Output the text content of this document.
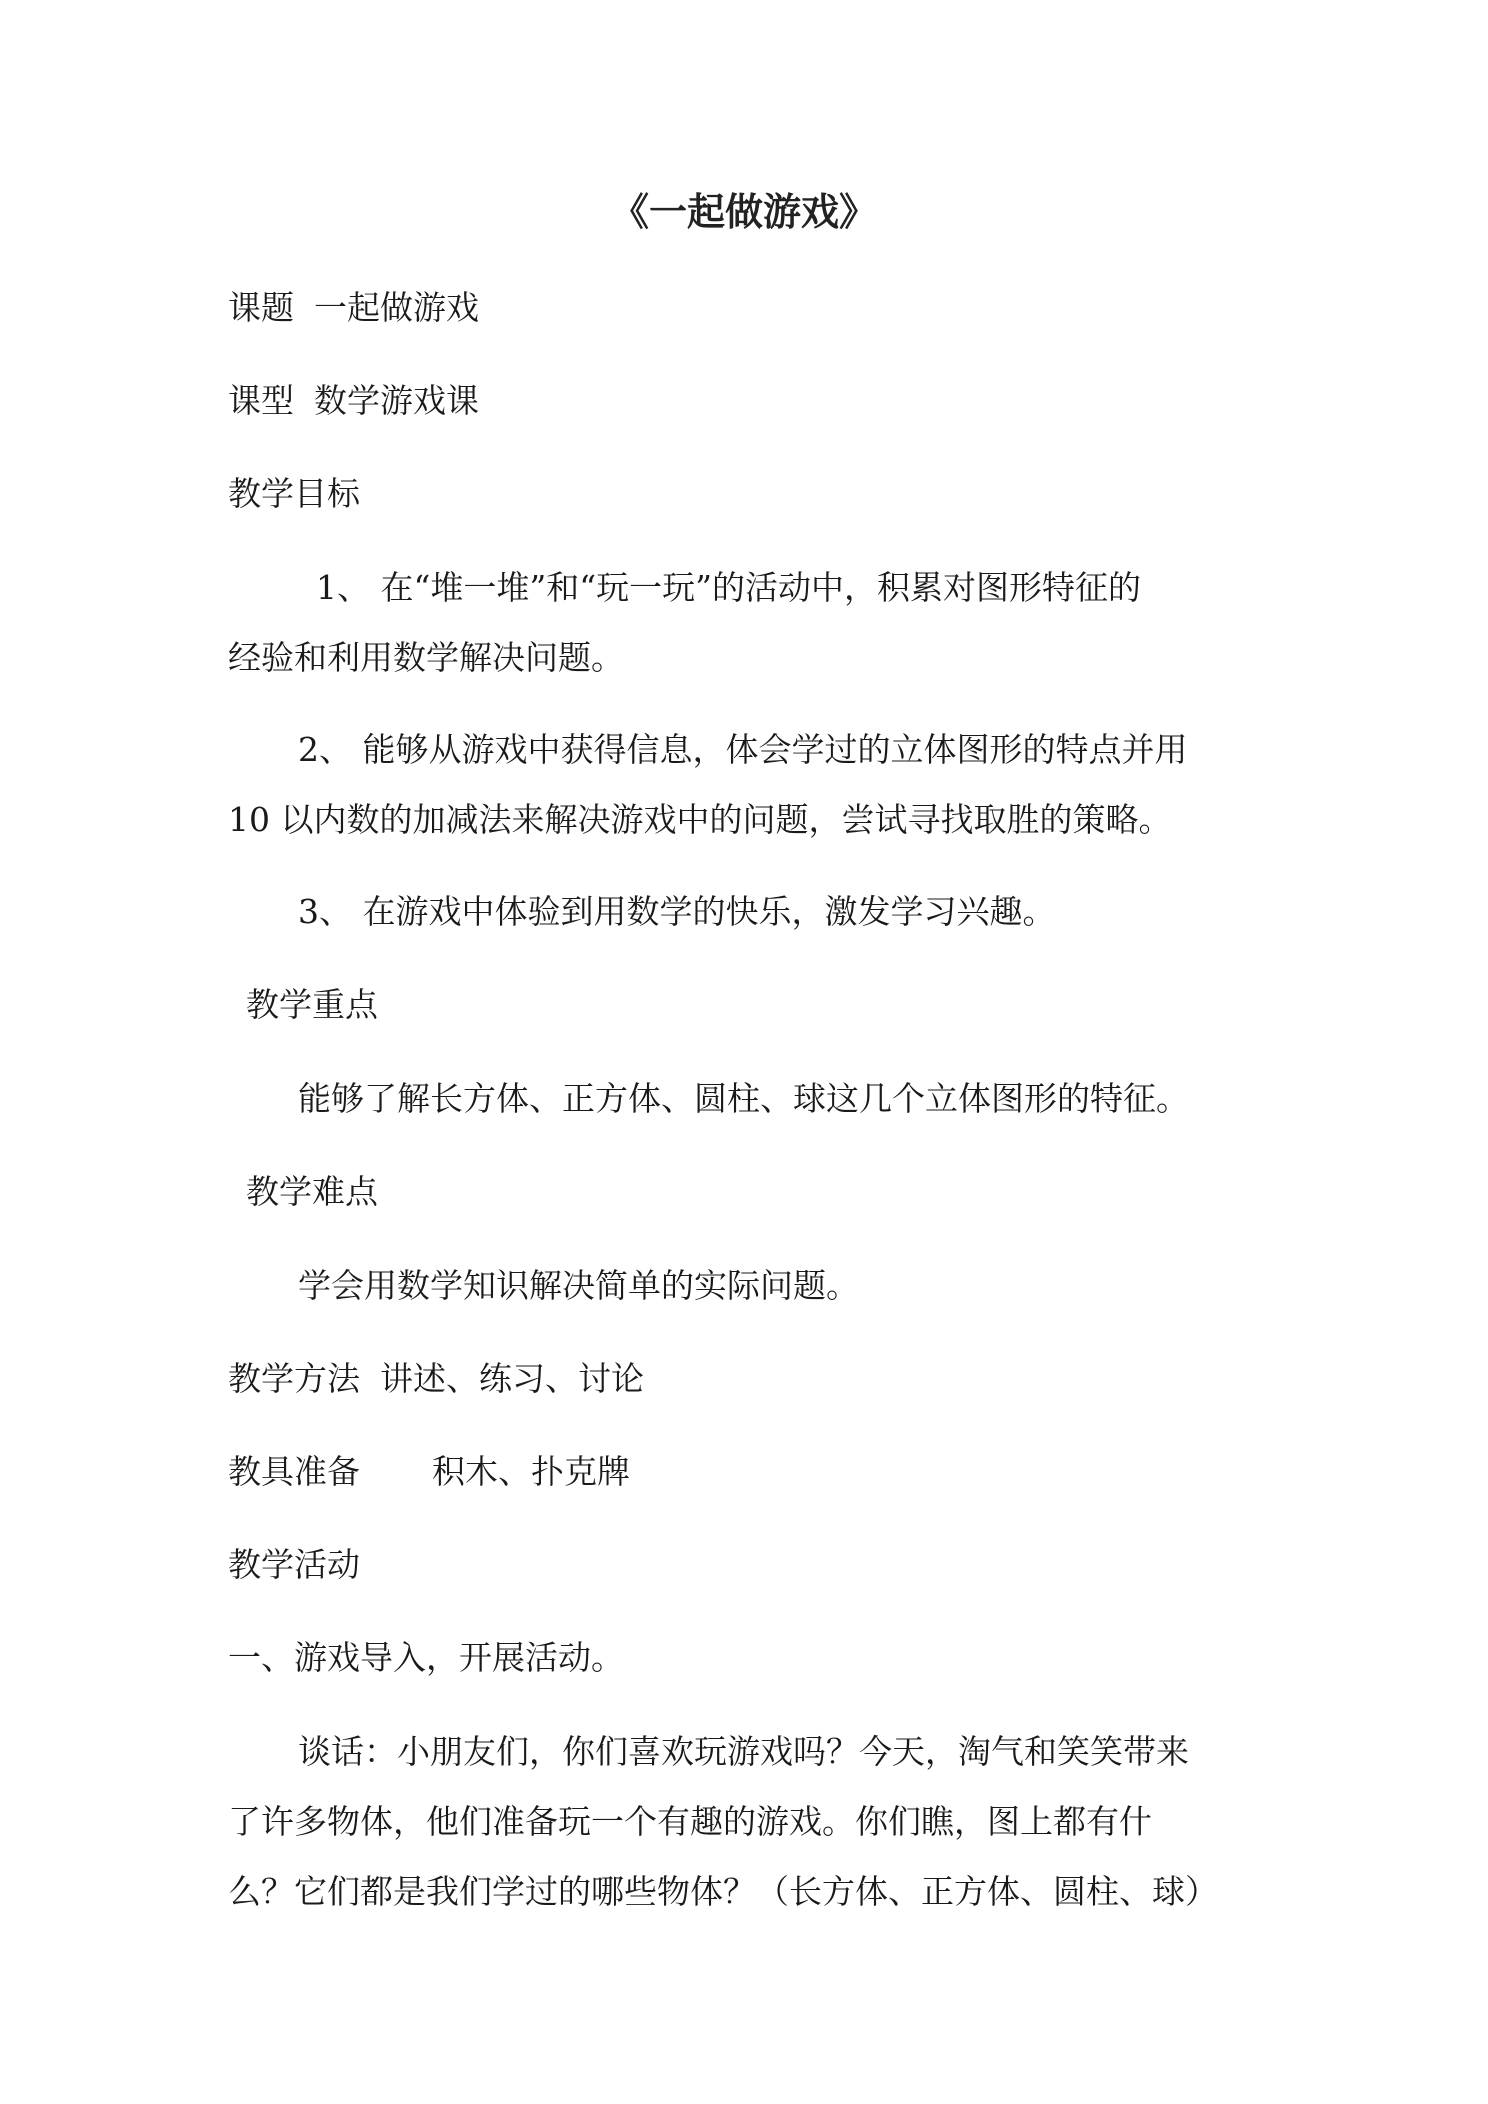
《一起做游戏》
课题 一起做游戏
课型 数学游戏课
教学目标
1、 在“堆一堆”和“玩一玩”的活动中，积累对图形特征的
经验和利用数学解决问题。
2、 能够从游戏中获得信息，体会学过的立体图形的特点并用
10 以内数的加减法来解决游戏中的问题，尝试寻找取胜的策略。
3、 在游戏中体验到用数学的快乐，激发学习兴趣。
教学重点
能够了解长方体、正方体、圆柱、球这几个立体图形的特征。
教学难点
学会用数学知识解决简单的实际问题。
教学方法 讲述、练习、讨论
教具准备 积木、扑克牌
教学活动
一、游戏导入，开展活动。
谈话：小朋友们，你们喜欢玩游戏吗？今天，淘气和笑笑带来
了许多物体，他们准备玩一个有趣的游戏。你们瞧，图上都有什
么？它们都是我们学过的哪些物体？（长方体、正方体、圆柱、球）
